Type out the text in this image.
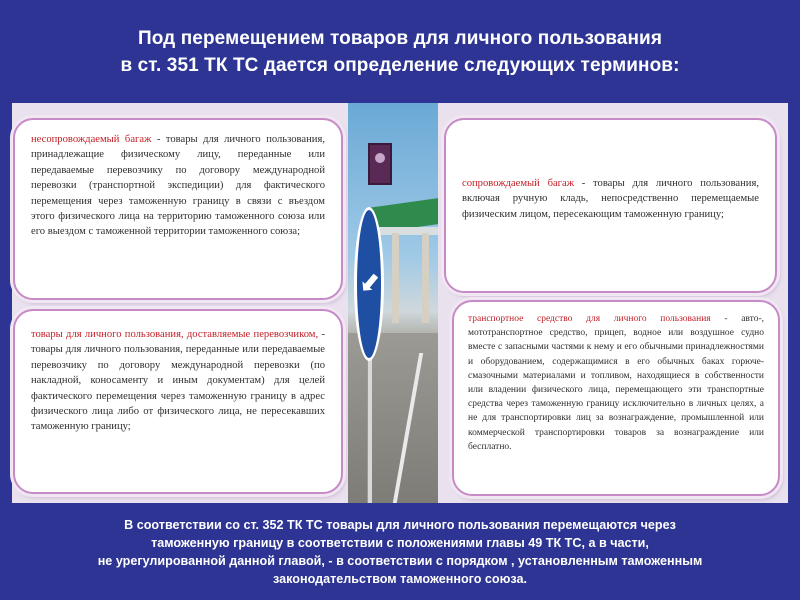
Под перемещением товаров для личного пользования
в ст. 351 ТК ТС дается определение следующих терминов:
⬇
несопровождаемый багаж - товары для личного пользования, принадлежащие физическому лицу, переданные или передаваемые перевозчику по договору международной перевозки (транспортной экспедиции) для фактического перемещения через таможенную границу в связи с въездом этого физического лица на территорию таможенного союза или его выездом с таможенной территории таможенного союза;
товары для личного пользования, доставляемые перевозчиком, - товары для личного пользования, переданные или передаваемые перевозчику по договору международной перевозки (по накладной, коносаменту и иным документам) для целей фактического перемещения через таможенную границу в адрес физического лица либо от физического лица, не пересекавших таможенную границу;
сопровождаемый багаж - товары для личного пользования, включая ручную кладь, непосредственно перемещаемые физическим лицом, пересекающим таможенную границу;
транспортное средство для личного пользования - авто-, мототранспортное средство, прицеп, водное или воздушное судно вместе с запасными частями к нему и его обычными принадлежностями и оборудованием, содержащимися в его обычных баках горюче-смазочными материалами и топливом, находящиеся в собственности или владении физического лица, перемещающего эти транспортные средства через таможенную границу исключительно в личных целях, а не для транспортировки лиц за вознаграждение, промышленной или коммерческой транспортировки товаров за вознаграждение или бесплатно.
В соответствии со ст. 352 ТК ТС товары для личного пользования перемещаются через
таможенную границу в соответствии с положениями главы 49 ТК ТС, а в части,
не урегулированной данной главой, - в соответствии с порядком , установленным таможенным
законодательством таможенного союза.
